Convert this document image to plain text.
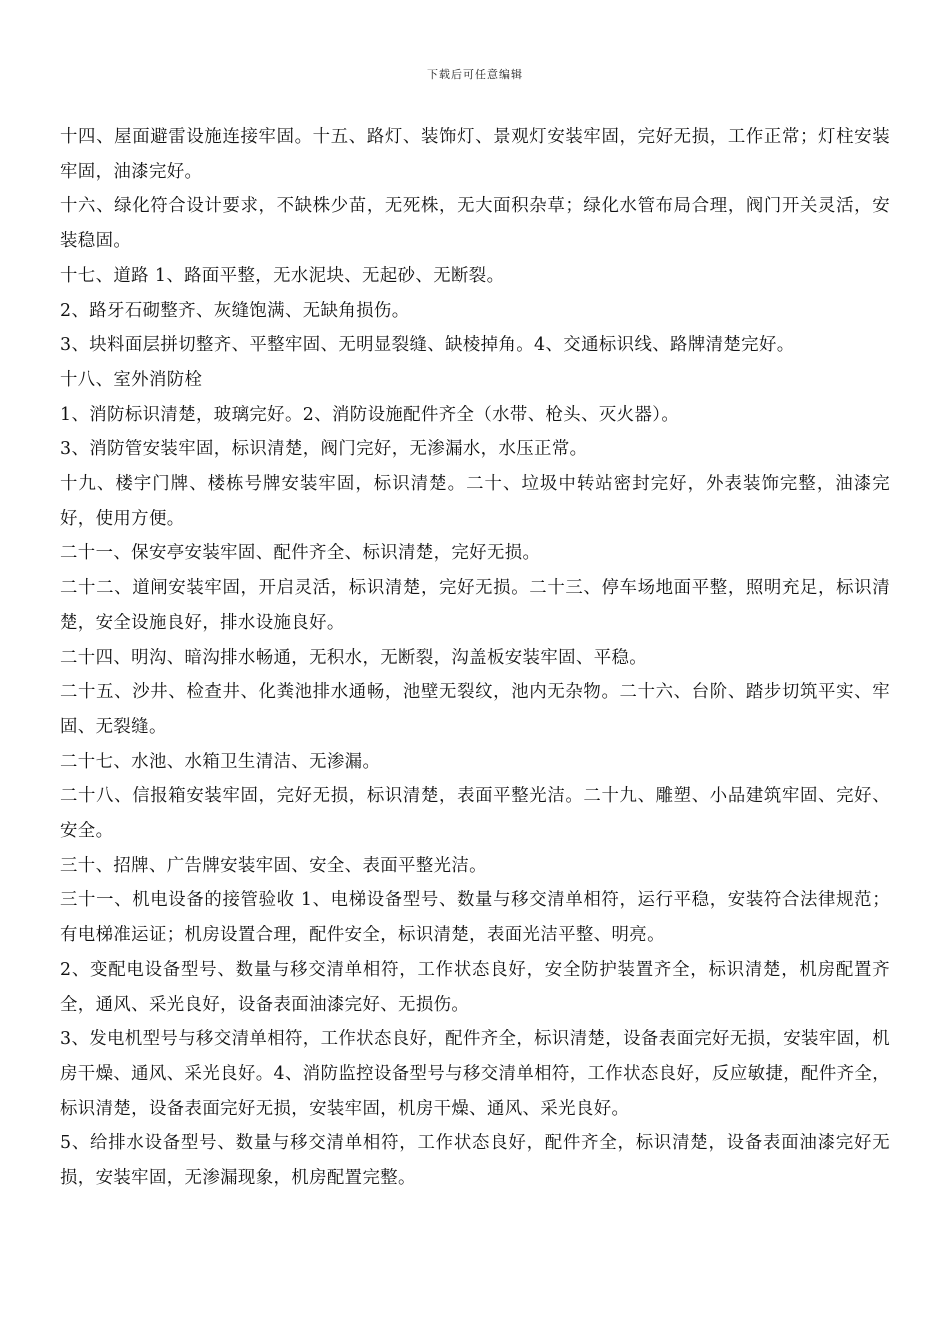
下载后可任意编辑

十四、屋面避雷设施连接牢固。十五、路灯、装饰灯、景观灯安装牢固，完好无损，工作正常；灯柱安装牢固，油漆完好。

十六、绿化符合设计要求，不缺株少苗，无死株，无大面积杂草；绿化水管布局合理，阀门开关灵活，安装稳固。

十七、道路 1、路面平整，无水泥块、无起砂、无断裂。

2、路牙石砌整齐、灰缝饱满、无缺角损伤。

3、块料面层拼切整齐、平整牢固、无明显裂缝、缺棱掉角。4、交通标识线、路牌清楚完好。

十八、室外消防栓

1、消防标识清楚，玻璃完好。2、消防设施配件齐全（水带、枪头、灭火器）。

3、消防管安装牢固，标识清楚，阀门完好，无渗漏水，水压正常。

十九、楼宇门牌、楼栋号牌安装牢固，标识清楚。二十、垃圾中转站密封完好，外表装饰完整，油漆完好，使用方便。

二十一、保安亭安装牢固、配件齐全、标识清楚，完好无损。

二十二、道闸安装牢固，开启灵活，标识清楚，完好无损。二十三、停车场地面平整，照明充足，标识清楚，安全设施良好，排水设施良好。

二十四、明沟、暗沟排水畅通，无积水，无断裂，沟盖板安装牢固、平稳。

二十五、沙井、检查井、化粪池排水通畅，池壁无裂纹，池内无杂物。二十六、台阶、踏步切筑平实、牢固、无裂缝。

二十七、水池、水箱卫生清洁、无渗漏。

二十八、信报箱安装牢固，完好无损，标识清楚，表面平整光洁。二十九、雕塑、小品建筑牢固、完好、安全。

三十、招牌、广告牌安装牢固、安全、表面平整光洁。

三十一、机电设备的接管验收 1、电梯设备型号、数量与移交清单相符，运行平稳，安装符合法律规范；有电梯准运证；机房设置合理，配件安全，标识清楚，表面光洁平整、明亮。

2、变配电设备型号、数量与移交清单相符，工作状态良好，安全防护装置齐全，标识清楚，机房配置齐全，通风、采光良好，设备表面油漆完好、无损伤。

3、发电机型号与移交清单相符，工作状态良好，配件齐全，标识清楚，设备表面完好无损，安装牢固，机房干燥、通风、采光良好。4、消防监控设备型号与移交清单相符，工作状态良好，反应敏捷，配件齐全，标识清楚，设备表面完好无损，安装牢固，机房干燥、通风、采光良好。

5、给排水设备型号、数量与移交清单相符，工作状态良好，配件齐全，标识清楚，设备表面油漆完好无损，安装牢固，无渗漏现象，机房配置完整。
